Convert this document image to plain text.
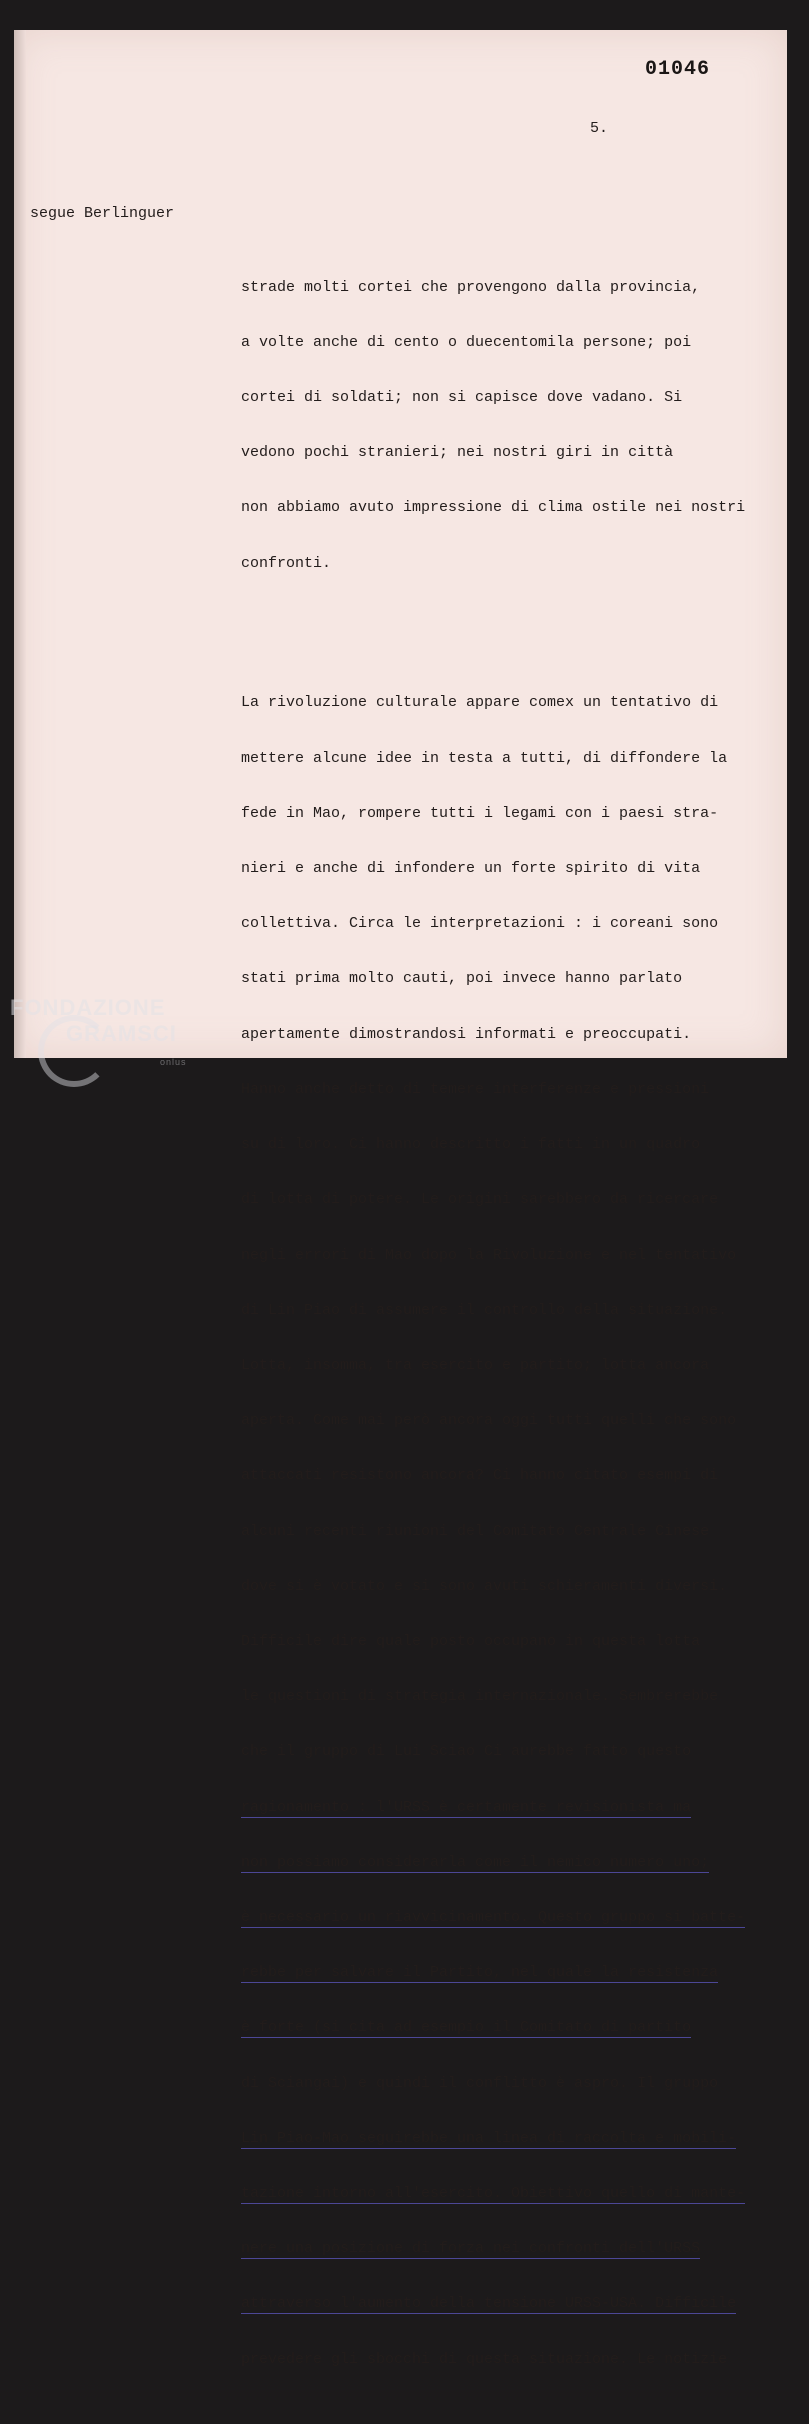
01046
5.
segue Berlinguer

strade molti cortei che provengono dalla provincia,

a volte anche di cento o duecentomila persone; poi

cortei di soldati; non si capisce dove vadano. Si

vedono pochi stranieri; nei nostri giri in città

non abbiamo avuto impressione di clima ostile nei nostri

confronti.

La rivoluzione culturale appare comex un tentativo di

mettere alcune idee in testa a tutti, di diffondere la

fede in Mao, rompere tutti i legami con i paesi stra-

nieri e anche di infondere un forte spirito di vita

collettiva. Circa le interpretazioni : i coreani sono

stati prima molto cauti, poi invece hanno parlato

apertamente dimostrandosi informati e preoccupati.

Hanno anche detto di temere interferenze e pressioni

su di loro. Ci hanno descritto i fatti in un quadro

di lotta di potere. Le origini sarebbero da ricercare

negli errori di Mao dopo la Rivoluzione e nel tentativo

di Lin Piao di assumere il controllo della situazione.

Lotta, insomma, tra esercito e partito; lotta ancora

aperta. Come mai però ancora oggi tutti quelli che sono

attaccati resistono ancora? Ci hanno citato esempi di

alcuni recenti riunioni del Comitato Centrale Cinese

dove si è votato e si sono avuti schieramenti diversi.

Difficile dire quale posto occupano in questa lotta

le questioni di strategia internazionale. Sembrerebbe

che il gruppo di Lui Sciao Ci aurebbe fatto questo

ragionamento : l'URSS è certamente revisionista ma

non possiamo considerarla come il nemico numero uno;

è necessario un riavvicinamento. Questo gruppo si batte-

rebbe per salvare il Partito, nel quale la resistenza

è forte (si cita ad esempio il Comitato di partito

di Sciangai) e quindi il conflitto è aspro. Il gruppo

Lin Piao-Mao seguirebbe una linea di raccolta e mobili-

tazione intorno all'esercito. Obiettivo quello di mante-

nere una posizione di forza nei confronti dell'URSS

attraverso l'aumento della tensione URSS-USA. Difficile

prevedere gli sbocchi di questa situazione. Le notizie

FONDAZIONE
GRAMSCI
onlus
